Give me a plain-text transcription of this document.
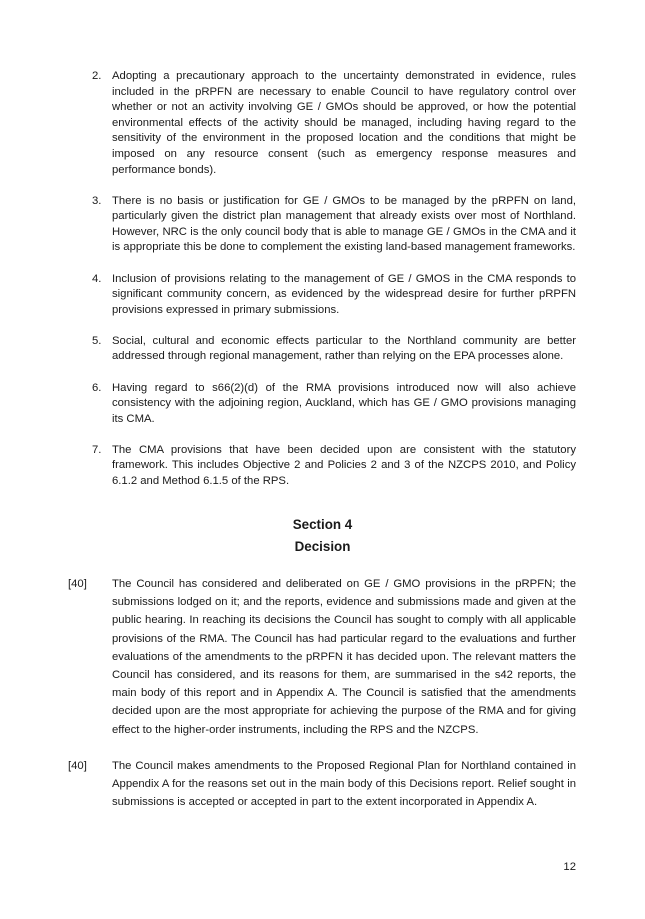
2. Adopting a precautionary approach to the uncertainty demonstrated in evidence, rules included in the pRPFN are necessary to enable Council to have regulatory control over whether or not an activity involving GE / GMOs should be approved, or how the potential environmental effects of the activity should be managed, including having regard to the sensitivity of the environment in the proposed location and the conditions that might be imposed on any resource consent (such as emergency response measures and performance bonds).
3. There is no basis or justification for GE / GMOs to be managed by the pRPFN on land, particularly given the district plan management that already exists over most of Northland. However, NRC is the only council body that is able to manage GE / GMOs in the CMA and it is appropriate this be done to complement the existing land-based management frameworks.
4. Inclusion of provisions relating to the management of GE / GMOS in the CMA responds to significant community concern, as evidenced by the widespread desire for further pRPFN provisions expressed in primary submissions.
5. Social, cultural and economic effects particular to the Northland community are better addressed through regional management, rather than relying on the EPA processes alone.
6. Having regard to s66(2)(d) of the RMA provisions introduced now will also achieve consistency with the adjoining region, Auckland, which has GE / GMO provisions managing its CMA.
7. The CMA provisions that have been decided upon are consistent with the statutory framework. This includes Objective 2 and Policies 2 and 3 of the NZCPS 2010, and Policy 6.1.2 and Method 6.1.5 of the RPS.
Section 4
Decision
[40] The Council has considered and deliberated on GE / GMO provisions in the pRPFN; the submissions lodged on it; and the reports, evidence and submissions made and given at the public hearing. In reaching its decisions the Council has sought to comply with all applicable provisions of the RMA. The Council has had particular regard to the evaluations and further evaluations of the amendments to the pRPFN it has decided upon. The relevant matters the Council has considered, and its reasons for them, are summarised in the s42 reports, the main body of this report and in Appendix A. The Council is satisfied that the amendments decided upon are the most appropriate for achieving the purpose of the RMA and for giving effect to the higher-order instruments, including the RPS and the NZCPS.
[40] The Council makes amendments to the Proposed Regional Plan for Northland contained in Appendix A for the reasons set out in the main body of this Decisions report. Relief sought in submissions is accepted or accepted in part to the extent incorporated in Appendix A.
12
